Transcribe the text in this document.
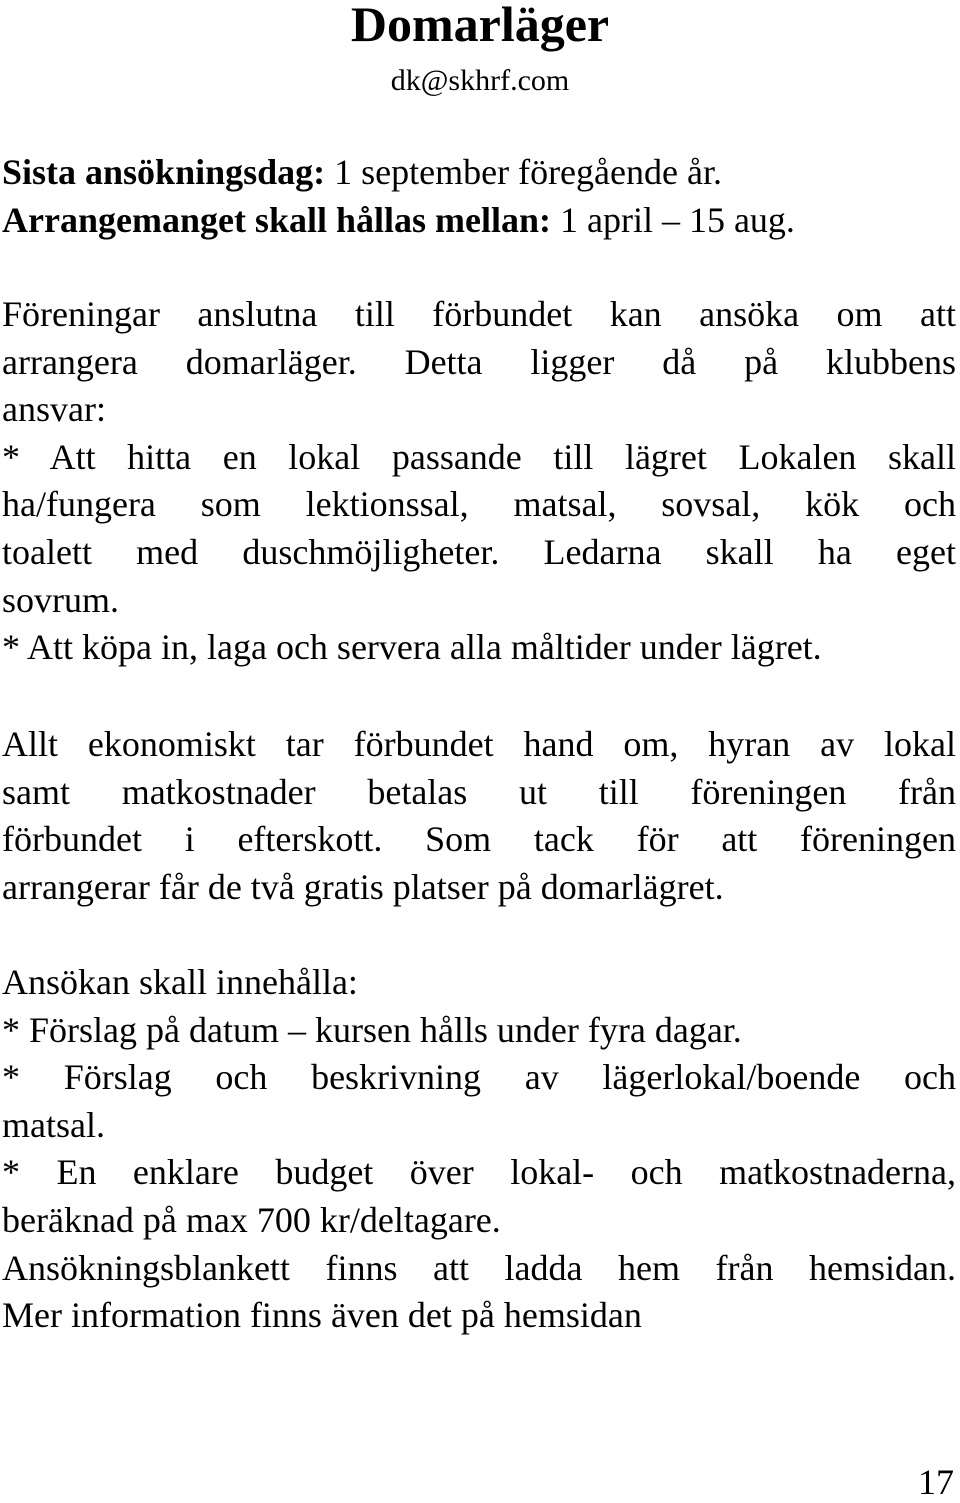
Domarläger
dk@skhrf.com
Sista ansökningsdag: 1 september föregående år.
Arrangemanget skall hållas mellan: 1 april – 15 aug.
Föreningar anslutna till förbundet kan ansöka om att
arrangera domarläger. Detta ligger då på klubbens
ansvar:
* Att hitta en lokal passande till lägret Lokalen skall
ha/fungera som lektionssal, matsal, sovsal, kök och
toalett med duschmöjligheter. Ledarna skall ha eget
sovrum.
* Att köpa in, laga och servera alla måltider under lägret.
Allt ekonomiskt tar förbundet hand om, hyran av lokal
samt matkostnader betalas ut till föreningen från
förbundet i efterskott. Som tack för att föreningen
arrangerar får de två gratis platser på domarlägret.
Ansökan skall innehålla:
* Förslag på datum – kursen hålls under fyra dagar.
* Förslag och beskrivning av lägerlokal/boende och
matsal.
* En enklare budget över lokal- och matkostnaderna,
beräknad på max 700 kr/deltagare.
Ansökningsblankett finns att ladda hem från hemsidan.
Mer information finns även det på hemsidan
17
